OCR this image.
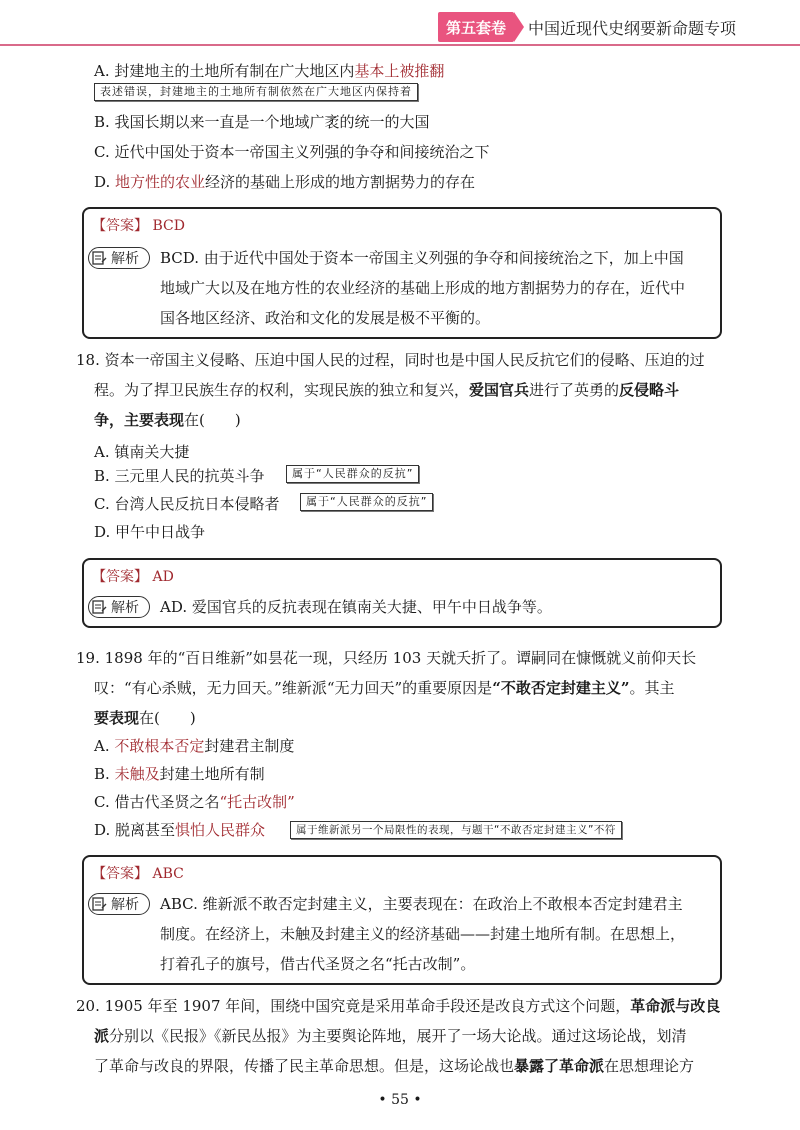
第五套卷	中国近现代史纲要新命题专项
A. 封建地主的土地所有制在广大地区内基本上被推翻
表述错误，封建地主的土地所有制依然在广大地区内保持着
B. 我国长期以来一直是一个地域广袤的统一的大国
C. 近代中国处于资本一帝国主义列强的争夺和间接统治之下
D. 地方性的农业经济的基础上形成的地方割据势力的存在
【答案】 BCD
解析 BCD. 由于近代中国处于资本一帝国主义列强的争夺和间接统治之下，加上中国
地域广大以及在地方性的农业经济的基础上形成的地方割据势力的存在，近代中
国各地区经济、政治和文化的发展是极不平衡的。
18. 资本一帝国主义侵略、压迫中国人民的过程，同时也是中国人民反抗它们的侵略、压迫的过
程。为了捍卫民族生存的权利，实现民族的独立和复兴，爱国官兵进行了英勇的反侵略斗
争，主要表现在(　　)
A. 镇南关大捷
B. 三元里人民的抗英斗争	属于“人民群众的反抗”
C. 台湾人民反抗日本侵略者	属于“人民群众的反抗”
D. 甲午中日战争
【答案】 AD
解析 AD. 爱国官兵的反抗表现在镇南关大捷、甲午中日战争等。
19. 1898 年的“百日维新”如昙花一现，只经历 103 天就夭折了。谭嗣同在慷慨就义前仰天长
叹：“有心杀贼，无力回天。”维新派“无力回天”的重要原因是“不敢否定封建主义”。其主
要表现在(　　)
A. 不敢根本否定封建君主制度
B. 未触及封建土地所有制
C. 借古代圣贤之名“托古改制”
D. 脱离甚至惧怕人民群众	属于维新派另一个局限性的表现，与题干“不敢否定封建主义”不符
【答案】 ABC
解析 ABC. 维新派不敢否定封建主义，主要表现在：在政治上不敢根本否定封建君主
制度。在经济上，未触及封建主义的经济基础——封建土地所有制。在思想上，
打着孔子的旗号，借古代圣贤之名“托古改制”。
20. 1905 年至 1907 年间，围绕中国究竟是采用革命手段还是改良方式这个问题，革命派与改良
派分别以《民报》《新民丛报》为主要舆论阵地，展开了一场大论战。通过这场论战，划清
了革命与改良的界限，传播了民主革命思想。但是，这场论战也暴露了革命派在思想理论方
• 55 •
